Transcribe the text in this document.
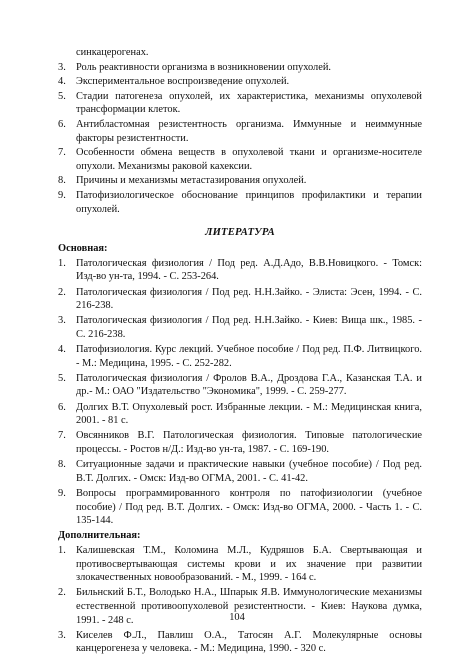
синкацерогенах.
3. Роль реактивности организма в возникновении опухолей.
4. Экспериментальное воспроизведение опухолей.
5. Стадии патогенеза опухолей, их характеристика, механизмы опухолевой трансформации клеток.
6. Антибластомная резистентность организма. Иммунные и неиммунные факторы резистентности.
7. Особенности обмена веществ в опухолевой ткани и организме-носителе опухоли. Механизмы раковой кахексии.
8. Причины и механизмы метастазирования опухолей.
9. Патофизиологическое обоснование принципов профилактики и терапии опухолей.
ЛИТЕРАТУРА
Основная:
1. Патологическая физиология / Под ред. А.Д.Адо, В.В.Новицкого. - Томск: Изд-во ун-та, 1994. - С. 253-264.
2. Патологическая физиология / Под ред. Н.Н.Зайко. - Элиста: Эсен, 1994. - С. 216-238.
3. Патологическая физиология / Под ред. Н.Н.Зайко. - Киев: Вища шк., 1985. - С. 216-238.
4. Патофизиология. Курс лекций. Учебное пособие / Под ред. П.Ф. Литвицкого. - М.: Медицина, 1995. - С. 252-282.
5. Патологическая физиология / Фролов В.А., Дроздова Г.А., Казанская Т.А. и др.- М.: ОАО "Издательство "Экономика", 1999. - С. 259-277.
6. Долгих В.Т. Опухолевый рост. Избранные лекции. - М.: Медицинская книга, 2001. - 81 с.
7. Овсянников В.Г. Патологическая физиология. Типовые патологические процессы. - Ростов н/Д.: Изд-во ун-та, 1987. - С. 169-190.
8. Ситуационные задачи и практические навыки (учебное пособие) / Под ред. В.Т. Долгих. - Омск: Изд-во ОГМА, 2001. - С. 41-42.
9. Вопросы программированного контроля по патофизиологии (учебное пособие) / Под ред. В.Т. Долгих. - Омск: Изд-во ОГМА, 2000. - Часть 1. - С. 135-144.
Дополнительная:
1. Калишевская Т.М., Коломина М.Л., Кудряшов Б.А. Свертывающая и противосвертывающая системы крови и их значение при развитии злокачественных новообразований. - М., 1999. - 164 с.
2. Бильнский Б.Т., Володько Н.А., Шпарык Я.В. Иммунологические механизмы естественной противоопухолевой резистентности. - Киев: Наукова думка, 1991. - 248 с.
3. Киселев Ф.Л., Павлиш О.А., Татосян А.Г. Молекулярные основы канцерогенеза у человека. - М.: Медицина, 1990. - 320 с.
104
